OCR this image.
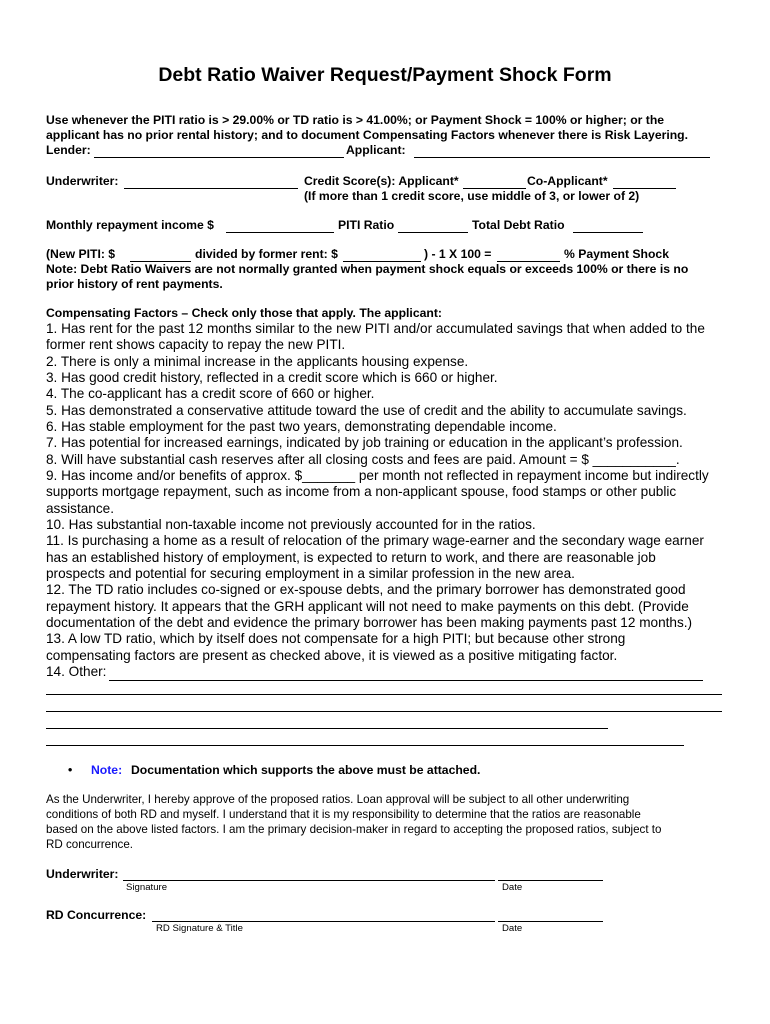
Debt Ratio Waiver Request/Payment Shock Form
Use whenever the PITI ratio is > 29.00% or TD ratio is > 41.00%; or Payment Shock = 100% or higher; or the
applicant has no prior rental history; and to document Compensating Factors whenever there is Risk Layering.
Lender:	Applicant:
Underwriter:	Credit Score(s): Applicant*	Co-Applicant*
(If more than 1 credit score, use middle of 3, or lower of 2)
Monthly repayment income $	PITI Ratio	Total Debt Ratio
(New PITI: $	divided by former rent: $	) - 1 X 100 =	% Payment Shock
Note: Debt Ratio Waivers are not normally granted when payment shock equals or exceeds 100% or there is no
prior history of rent payments.
Compensating Factors – Check only those that apply. The applicant:
1. Has rent for the past 12 months similar to the new PITI and/or accumulated savings that when added to the
former rent shows capacity to repay the new PITI.
2. There is only a minimal increase in the applicants housing expense.
3. Has good credit history, reflected in a credit score which is 660 or higher.
4. The co-applicant has a credit score of 660 or higher.
5. Has demonstrated a conservative attitude toward the use of credit and the ability to accumulate savings.
6. Has stable employment for the past two years, demonstrating dependable income.
7. Has potential for increased earnings, indicated by job training or education in the applicant’s profession.
8. Will have substantial cash reserves after all closing costs and fees are paid. Amount = $ ___________.
9. Has income and/or benefits of approx. $_______ per month not reflected in repayment income but indirectly
supports mortgage repayment, such as income from a non-applicant spouse, food stamps or other public
assistance.
10. Has substantial non-taxable income not previously accounted for in the ratios.
11. Is purchasing a home as a result of relocation of the primary wage-earner and the secondary wage earner
has an established history of employment, is expected to return to work, and there are reasonable job
prospects and potential for securing employment in a similar profession in the new area.
12. The TD ratio includes co-signed or ex-spouse debts, and the primary borrower has demonstrated good
repayment history. It appears that the GRH applicant will not need to make payments on this debt. (Provide
documentation of the debt and evidence the primary borrower has been making payments past 12 months.)
13. A low TD ratio, which by itself does not compensate for a high PITI; but because other strong
compensating factors are present as checked above, it is viewed as a positive mitigating factor.
14. Other:
• Note: Documentation which supports the above must be attached.
As the Underwriter, I hereby approve of the proposed ratios. Loan approval will be subject to all other underwriting
conditions of both RD and myself. I understand that it is my responsibility to determine that the ratios are reasonable
based on the above listed factors. I am the primary decision-maker in regard to accepting the proposed ratios, subject to
RD concurrence.
Underwriter:
Signature	Date
RD Concurrence:
RD Signature & Title	Date
